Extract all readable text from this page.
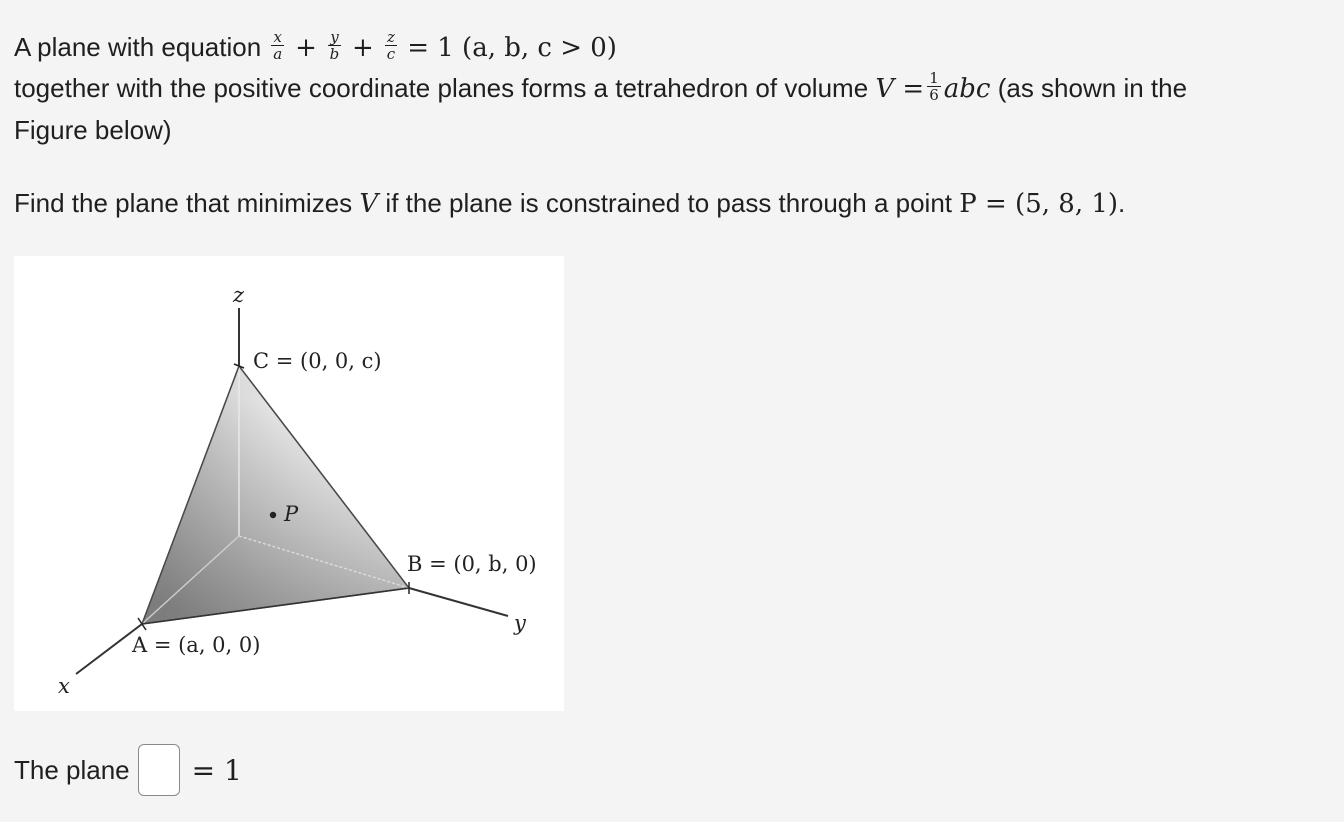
A plane with equation $\frac{x}{a} + \frac{y}{b} + \frac{z}{c} = 1$ (a, b, c > 0)
together with the positive coordinate planes forms a tetrahedron of volume $V = \frac{1}{6}$ abc (as shown in the
Figure below)
Find the plane that minimizes V if the plane is constrained to pass through a point P = (5, 8, 1).
z
C = (0, 0, c)
P
B = (0, b, 0)
y
A = (a, 0, 0)
x
The plane = 1
